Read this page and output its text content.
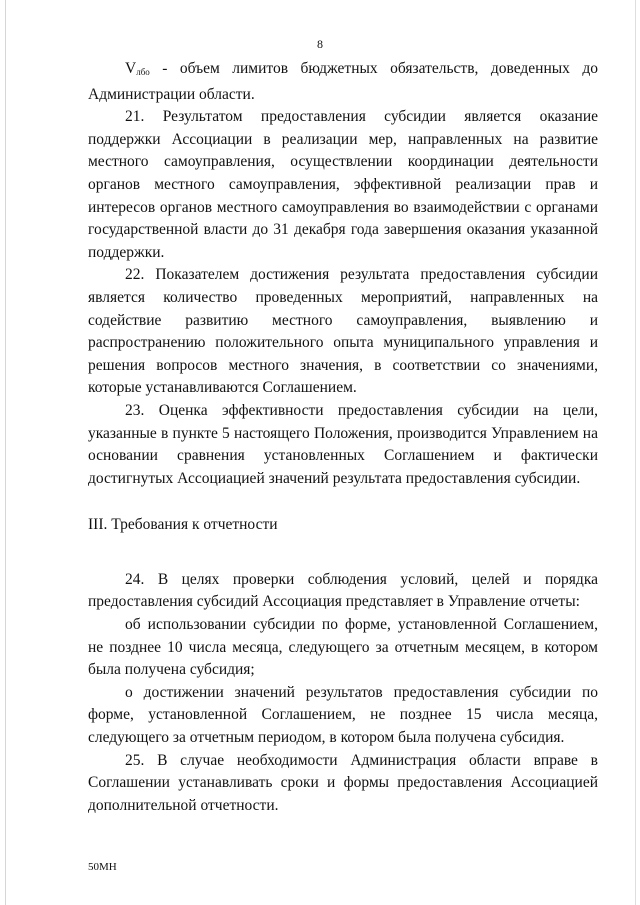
8

$V_{лбо}$ - объем лимитов бюджетных обязательств, доведенных до Администрации области.

21. Результатом предоставления субсидии является оказание поддержки Ассоциации в реализации мер, направленных на развитие местного самоуправления, осуществлении координации деятельности органов местного самоуправления, эффективной реализации прав и интересов органов местного самоуправления во взаимодействии с органами государственной власти до 31 декабря года завершения оказания указанной поддержки.

22. Показателем достижения результата предоставления субсидии является количество проведенных мероприятий, направленных на содействие развитию местного самоуправления, выявлению и распространению положительного опыта муниципального управления и решения вопросов местного значения, в соответствии со значениями, которые устанавливаются Соглашением.

23. Оценка эффективности предоставления субсидии на цели, указанные в пункте 5 настоящего Положения, производится Управлением на основании сравнения установленных Соглашением и фактически достигнутых Ассоциацией значений результата предоставления субсидии.

III. Требования к отчетности

24. В целях проверки соблюдения условий, целей и порядка предоставления субсидий Ассоциация представляет в Управление отчеты:

об использовании субсидии по форме, установленной Соглашением, не позднее 10 числа месяца, следующего за отчетным месяцем, в котором была получена субсидия;

о достижении значений результатов предоставления субсидии по форме, установленной Соглашением, не позднее 15 числа месяца, следующего за отчетным периодом, в котором была получена субсидия.

25. В случае необходимости Администрация области вправе в Соглашении устанавливать сроки и формы предоставления Ассоциацией дополнительной отчетности.

50МН
